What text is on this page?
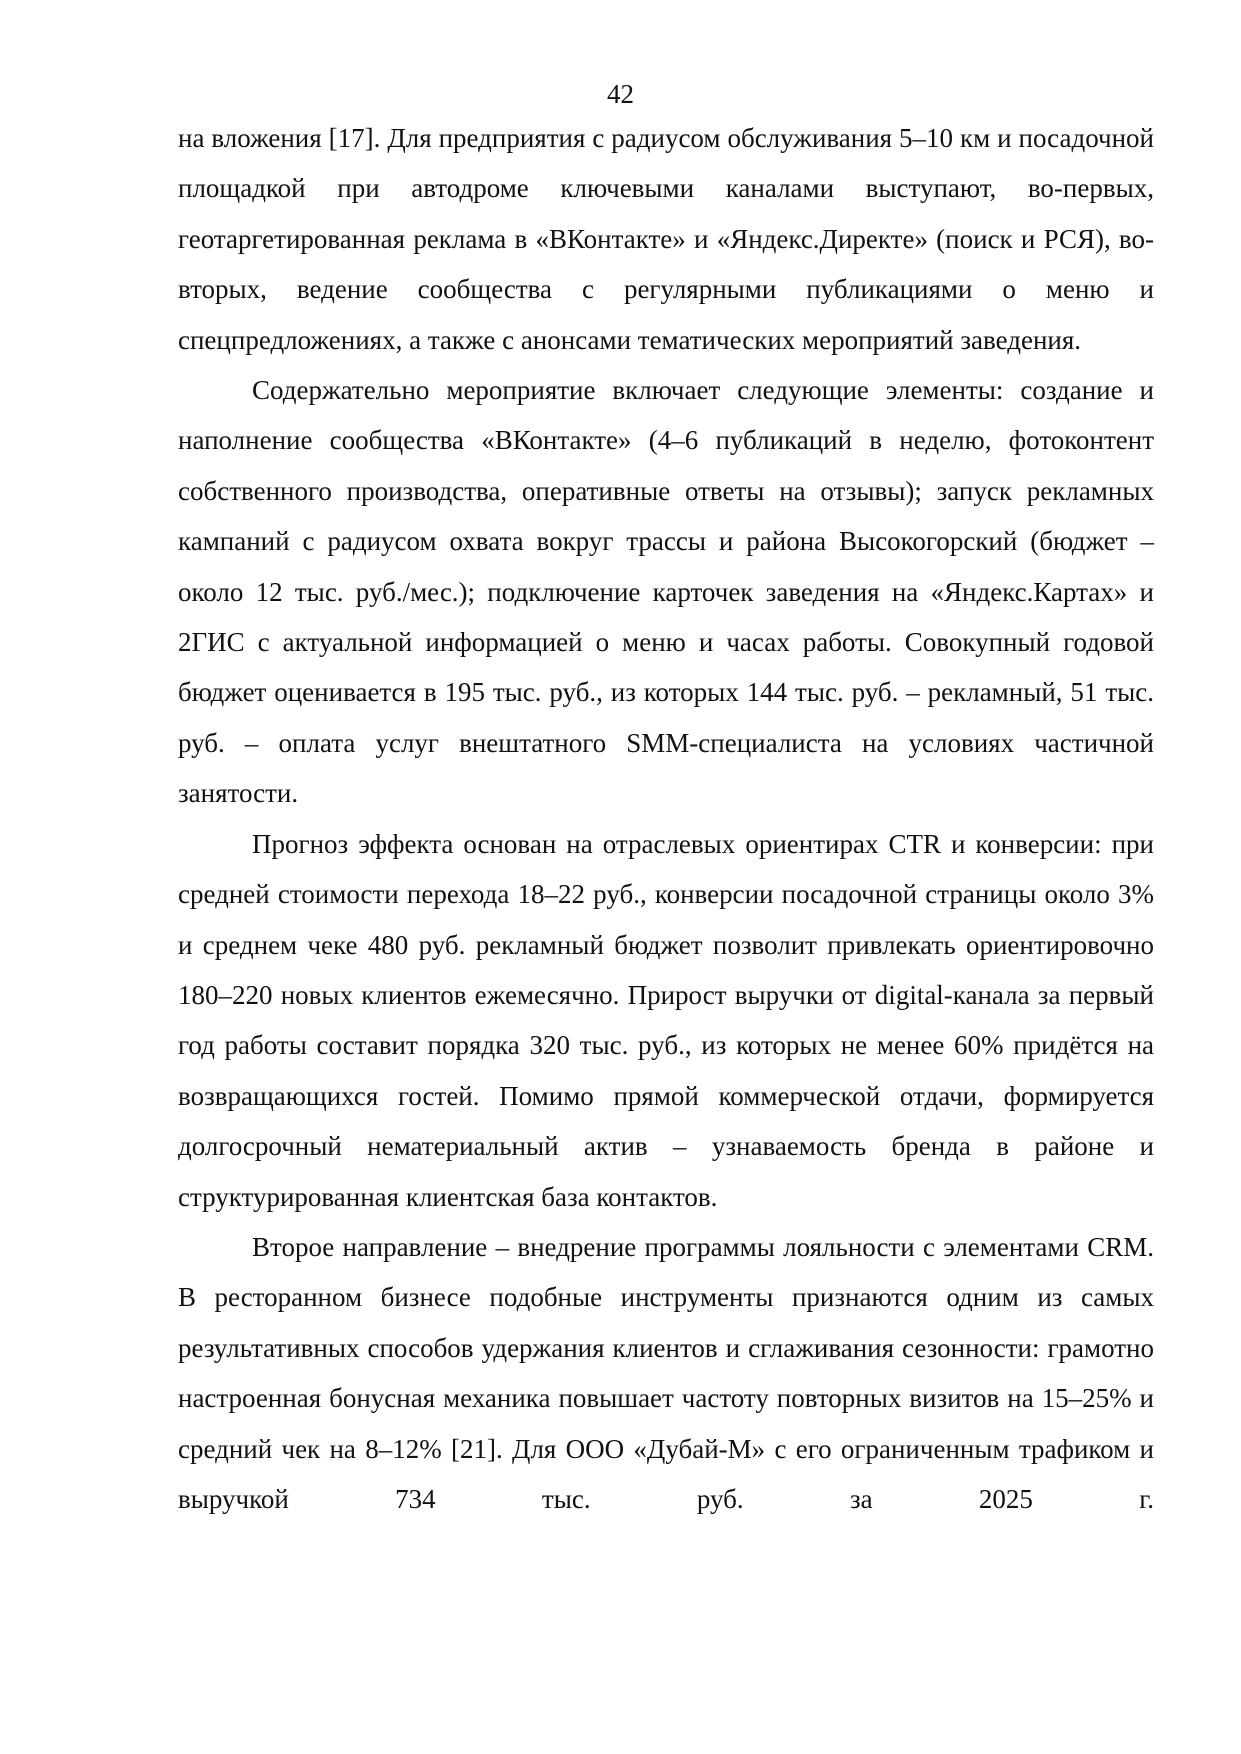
42

на вложения [17]. Для предприятия с радиусом обслуживания 5–10 км и посадочной площадкой при автодроме ключевыми каналами выступают, во-первых, геотаргетированная реклама в «ВКонтакте» и «Яндекс.Директе» (поиск и РСЯ), во-вторых, ведение сообщества с регулярными публикациями о меню и спецпредложениях, а также с анонсами тематических мероприятий заведения.

Содержательно мероприятие включает следующие элементы: создание и наполнение сообщества «ВКонтакте» (4–6 публикаций в неделю, фотоконтент собственного производства, оперативные ответы на отзывы); запуск рекламных кампаний с радиусом охвата вокруг трассы и района Высокогорский (бюджет – около 12 тыс. руб./мес.); подключение карточек заведения на «Яндекс.Картах» и 2ГИС с актуальной информацией о меню и часах работы. Совокупный годовой бюджет оценивается в 195 тыс. руб., из которых 144 тыс. руб. – рекламный, 51 тыс. руб. – оплата услуг внештатного SMM-специалиста на условиях частичной занятости.

Прогноз эффекта основан на отраслевых ориентирах CTR и конверсии: при средней стоимости перехода 18–22 руб., конверсии посадочной страницы около 3% и среднем чеке 480 руб. рекламный бюджет позволит привлекать ориентировочно 180–220 новых клиентов ежемесячно. Прирост выручки от digital-канала за первый год работы составит порядка 320 тыс. руб., из которых не менее 60% придётся на возвращающихся гостей. Помимо прямой коммерческой отдачи, формируется долгосрочный нематериальный актив – узнаваемость бренда в районе и структурированная клиентская база контактов.

Второе направление – внедрение программы лояльности с элементами CRM. В ресторанном бизнесе подобные инструменты признаются одним из самых результативных способов удержания клиентов и сглаживания сезонности: грамотно настроенная бонусная механика повышает частоту повторных визитов на 15–25% и средний чек на 8–12% [21]. Для ООО «Дубай-М» с его ограниченным трафиком и выручкой 734 тыс. руб. за 2025 г.
